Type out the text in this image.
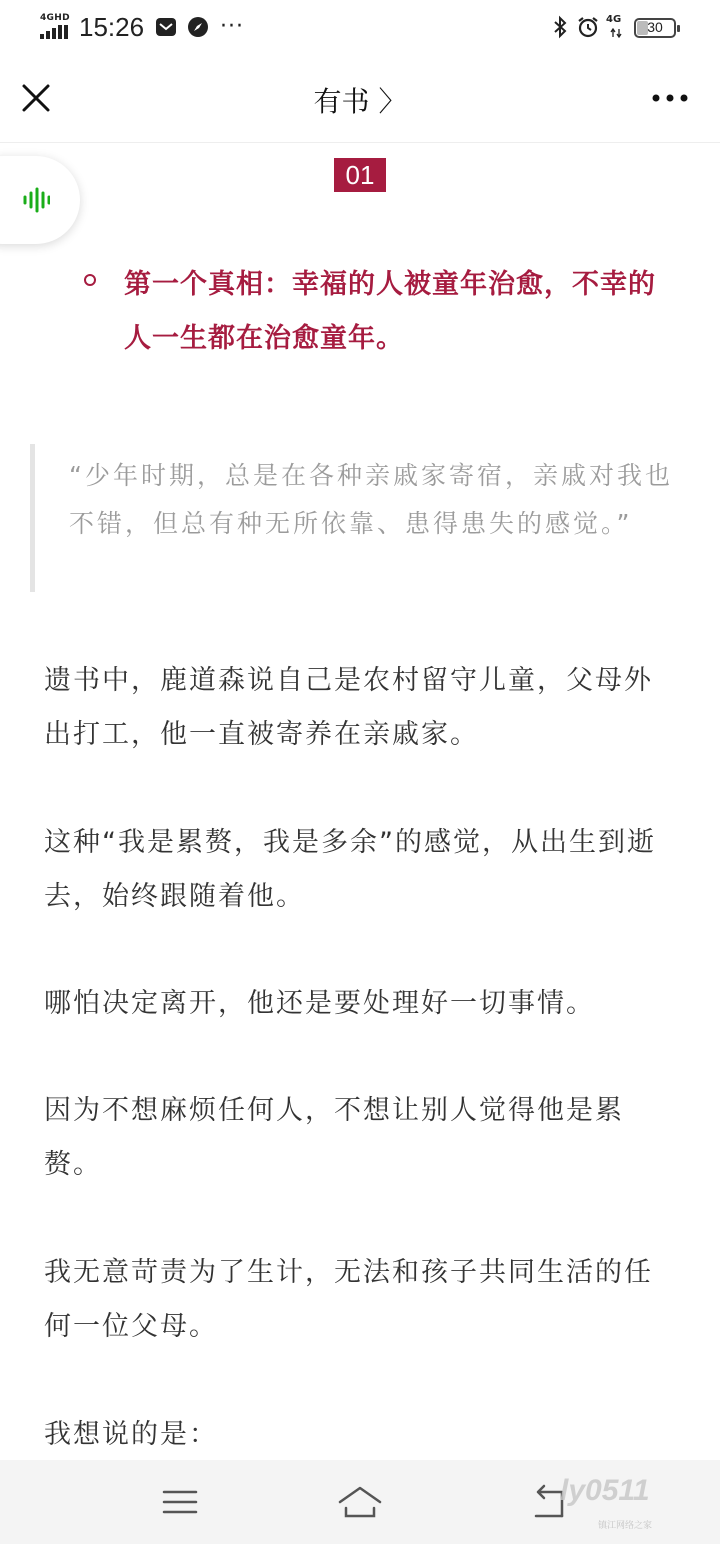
4GHD 15:26	···	4G	30
有书 〉
01
第一个真相：幸福的人被童年治愈，不幸的人一生都在治愈童年。
“少年时期，总是在各种亲戚家寄宿，亲戚对我也不错，但总有种无所依靠、患得患失的感觉。”
遗书中，鹿道森说自己是农村留守儿童，父母外出打工，他一直被寄养在亲戚家。
这种“我是累赘，我是多余”的感觉，从出生到逝去，始终跟随着他。
哪怕决定离开，他还是要处理好一切事情。
因为不想麻烦任何人，不想让别人觉得他是累赘。
我无意苛责为了生计，无法和孩子共同生活的任何一位父母。
我想说的是：
ly0511
镇江网络之家
